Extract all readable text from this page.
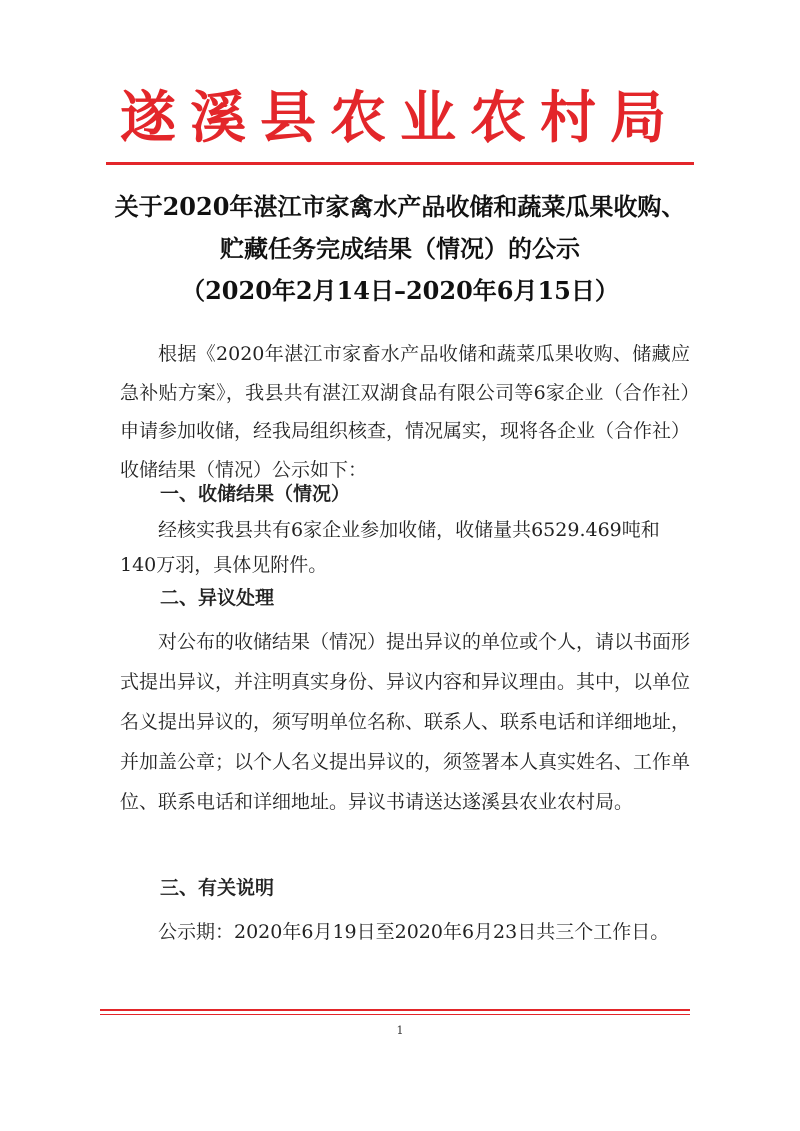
遂溪县农业农村局
关于2020年湛江市家禽水产品收储和蔬菜瓜果收购、
贮藏任务完成结果（情况）的公示
（2020年2月14日–2020年6月15日）
根据《2020年湛江市家畜水产品收储和蔬菜瓜果收购、储藏应急补贴方案》，我县共有湛江双湖食品有限公司等6家企业（合作社）申请参加收储，经我局组织核查，情况属实，现将各企业（合作社）收储结果（情况）公示如下：
一、收储结果（情况）
经核实我县共有6家企业参加收储，收储量共6529.469吨和140万羽，具体见附件。
二、异议处理
对公布的收储结果（情况）提出异议的单位或个人，请以书面形式提出异议，并注明真实身份、异议内容和异议理由。其中，以单位名义提出异议的，须写明单位名称、联系人、联系电话和详细地址，并加盖公章；以个人名义提出异议的，须签署本人真实姓名、工作单位、联系电话和详细地址。异议书请送达遂溪县农业农村局。
三、有关说明
公示期：2020年6月19日至2020年6月23日共三个工作日。
1
